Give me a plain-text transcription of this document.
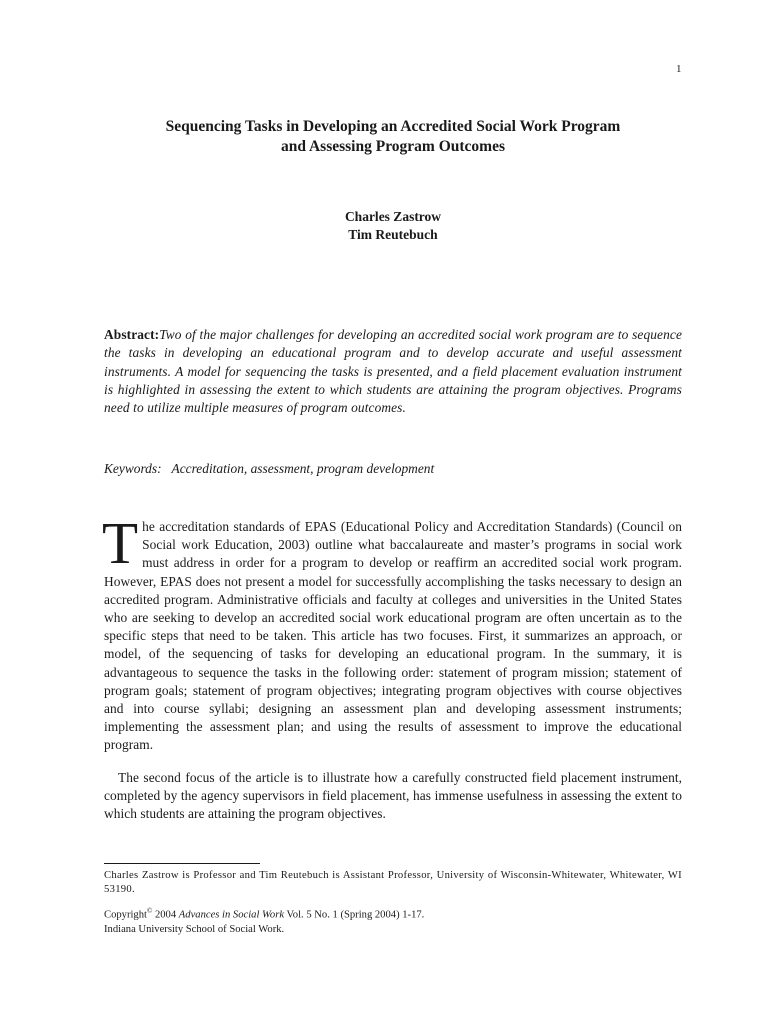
1
Sequencing Tasks in Developing an Accredited Social Work Program
and Assessing Program Outcomes
Charles Zastrow
Tim Reutebuch
Abstract:Two of the major challenges for developing an accredited social work program are to sequence the tasks in developing an educational program and to develop accurate and useful assessment instruments. A model for sequencing the tasks is presented, and a field placement evaluation instrument is highlighted in assessing the extent to which students are attaining the program objectives. Programs need to utilize multiple measures of program outcomes.
Keywords: Accreditation, assessment, program development

The accreditation standards of EPAS (Educational Policy and Accreditation Standards) (Council on Social work Education, 2003) outline what baccalaureate and master’s programs in social work must address in order for a program to develop or reaffirm an accredited social work program. However, EPAS does not present a model for successfully accomplishing the tasks necessary to design an accredited program. Administrative officials and faculty at colleges and universities in the United States who are seeking to develop an accredited social work educational program are often uncertain as to the specific steps that need to be taken. This article has two focuses. First, it summarizes an approach, or model, of the sequencing of tasks for developing an educational program. In the summary, it is advantageous to sequence the tasks in the following order: statement of program mission; statement of program goals; statement of program objectives; integrating program objectives with course objectives and into course syllabi; designing an assessment plan and developing assessment instruments; implementing the assessment plan; and using the results of assessment to improve the educational program.

The second focus of the article is to illustrate how a carefully constructed field placement instrument, completed by the agency supervisors in field placement, has immense usefulness in assessing the extent to which students are attaining the program objectives.

Charles Zastrow is Professor and Tim Reutebuch is Assistant Professor, University of Wisconsin-Whitewater, Whitewater, WI 53190.
Copyright© 2004 Advances in Social Work Vol. 5 No. 1 (Spring 2004) 1-17.
Indiana University School of Social Work.
